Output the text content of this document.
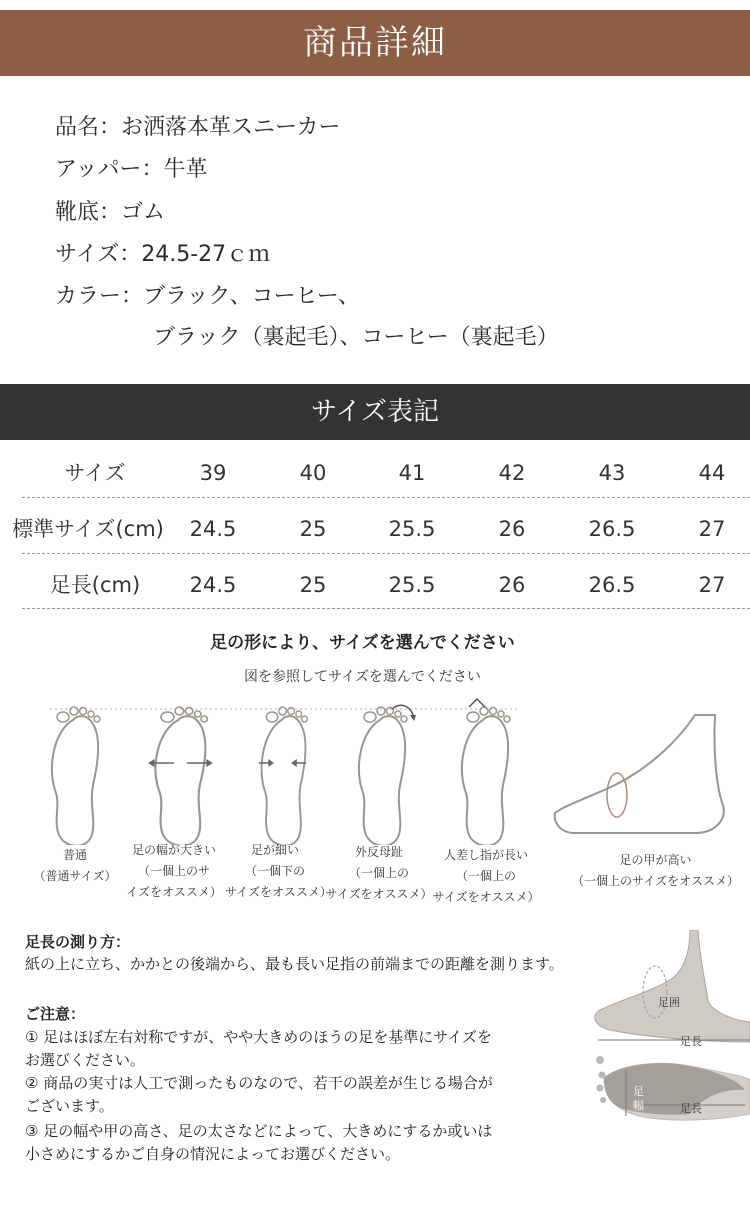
商品詳細
品名：お洒落本革スニーカー
アッパー：牛革
靴底：ゴム
サイズ：24.5-27ｃｍ
カラー：ブラック、コーヒー、
ブラック（裏起毛）、コーヒー（裏起毛）
サイズ表記
サイズ	39	40	41	42	43	44
標準サイズ(cm)	24.5	25	25.5	26	26.5	27
足長(cm)	24.5	25	25.5	26	26.5	27
足の形により、サイズを選んでください
図を参照してサイズを選んでください
普通
（普通サイズ）
足の幅が大きい
（一個上のサ
イズをオススメ）
足が細い
（一個下の
サイズをオススメ）
外反母趾
（一個上の
サイズをオススメ）
人差し指が長い
（一個上の
サイズをオススメ）
足の甲が高い
（一個上のサイズをオススメ）
足囲
足長
足幅	足長
足長の測り方：
紙の上に立ち、かかとの後端から、最も長い足指の前端までの距離を測ります。
ご注意：
① 足はほぼ左右対称ですが、やや大きめのほうの足を基準にサイズを
お選びください。
② 商品の実寸は人工で測ったものなので、若干の誤差が生じる場合が
ございます。
③ 足の幅や甲の高さ、足の太さなどによって、大きめにするか或いは
小さめにするかご自身の情況によってお選びください。
